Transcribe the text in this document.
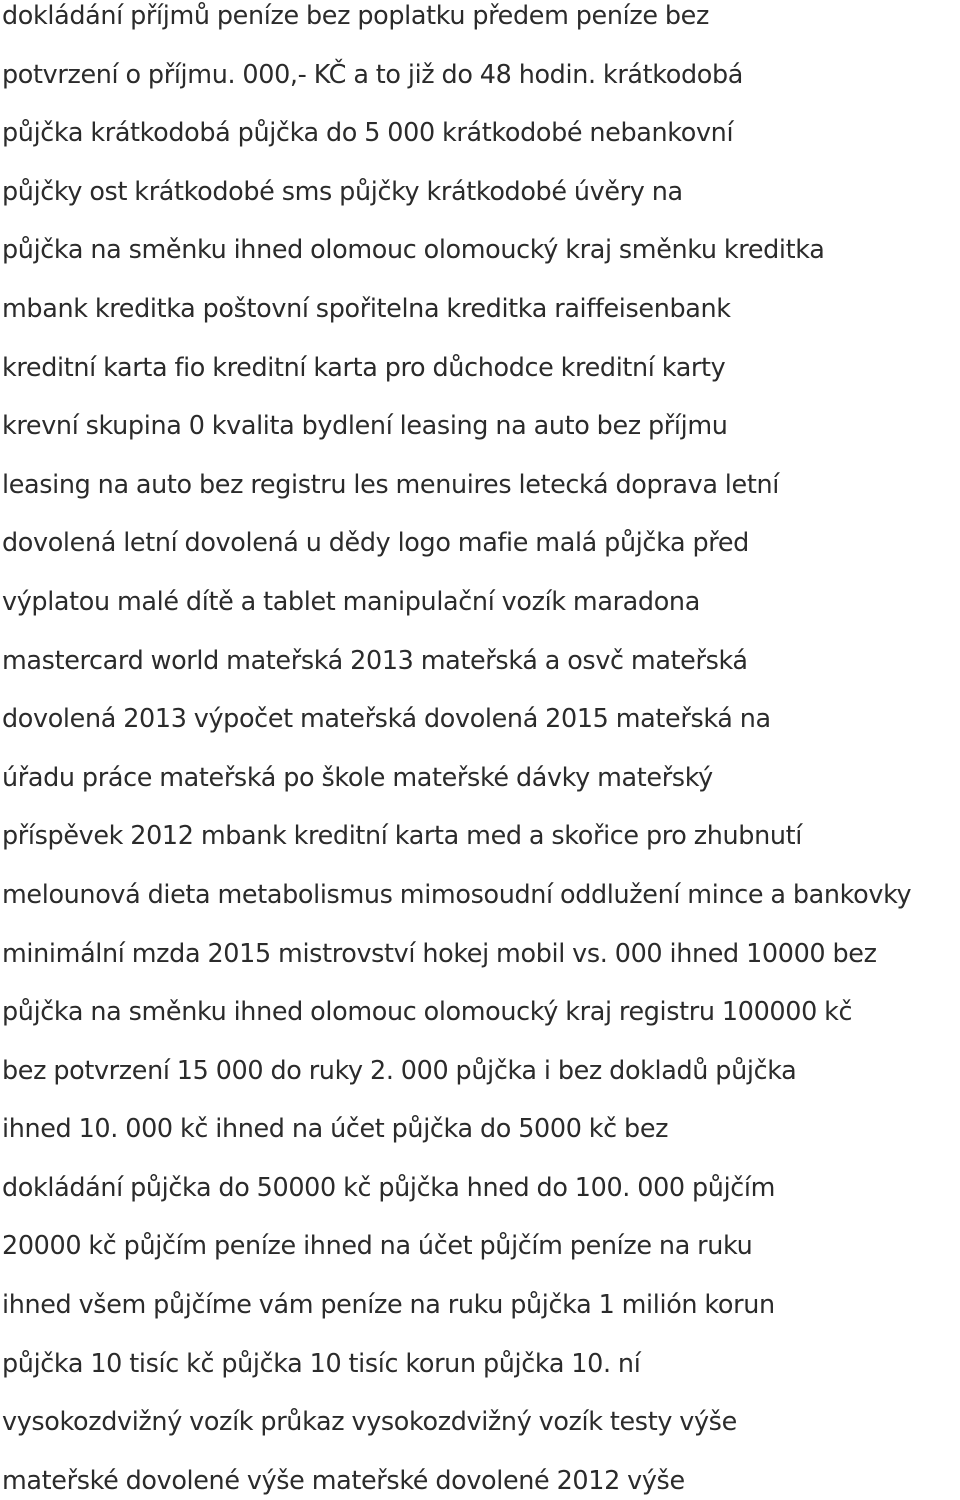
dokládání příjmů peníze bez poplatku předem peníze bez
potvrzení o příjmu. 000,- KČ a to již do 48 hodin. krátkodobá
půjčka krátkodobá půjčka do 5 000 krátkodobé nebankovní
půjčky ost krátkodobé sms půjčky krátkodobé úvěry na
půjčka na směnku ihned olomouc olomoucký kraj směnku kreditka
mbank kreditka poštovní spořitelna kreditka raiffeisenbank
kreditní karta fio kreditní karta pro důchodce kreditní karty
krevní skupina 0 kvalita bydlení leasing na auto bez příjmu
leasing na auto bez registru les menuires letecká doprava letní
dovolená letní dovolená u dědy logo mafie malá půjčka před
výplatou malé dítě a tablet manipulační vozík maradona
mastercard world mateřská 2013 mateřská a osvč mateřská
dovolená 2013 výpočet mateřská dovolená 2015 mateřská na
úřadu práce mateřská po škole mateřské dávky mateřský
příspěvek 2012 mbank kreditní karta med a skořice pro zhubnutí
melounová dieta metabolismus mimosoudní oddlužení mince a bankovky
minimální mzda 2015 mistrovství hokej mobil vs. 000 ihned 10000 bez
půjčka na směnku ihned olomouc olomoucký kraj registru 100000 kč
bez potvrzení 15 000 do ruky 2. 000 půjčka i bez dokladů půjčka
ihned 10. 000 kč ihned na účet půjčka do 5000 kč bez
dokládání půjčka do 50000 kč půjčka hned do 100. 000 půjčím
20000 kč půjčím peníze ihned na účet půjčím peníze na ruku
ihned všem půjčíme vám peníze na ruku půjčka 1 milión korun
půjčka 10 tisíc kč půjčka 10 tisíc korun půjčka 10. ní
vysokozdvižný vozík průkaz vysokozdvižný vozík testy výše
mateřské dovolené výše mateřské dovolené 2012 výše
